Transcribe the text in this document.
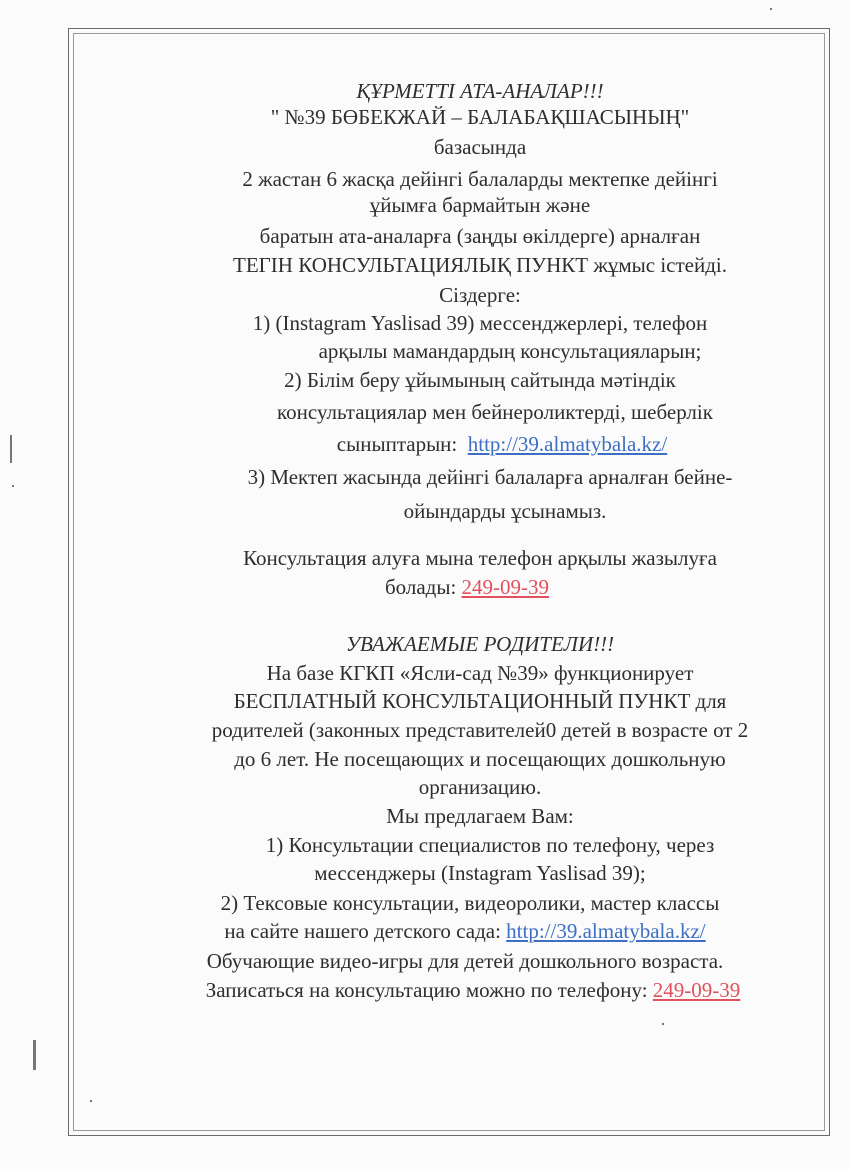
ҚҰРМЕТТІ АТА-АНАЛАР!!!
" №39 БӨБЕКЖАЙ – БАЛАБАҚШАСЫНЫҢ"
базасында
2 жастан 6 жасқа дейінгі балаларды мектепке дейінгі
ұйымға бармайтын және
баратын ата-аналарға (заңды өкілдерге) арналған
ТЕГІН КОНСУЛЬТАЦИЯЛЫҚ ПУНКТ жұмыс істейді.
Сіздерге:
1) (Instagram Yaslisad 39) мессенджерлері, телефон
арқылы мамандардың консультацияларын;
2) Білім беру ұйымының сайтында мәтіндік
консультациялар мен бейнероликтерді, шеберлік
сыныптарын: http://39.almatybala.kz/
3) Мектеп жасында дейінгі балаларға арналған бейне-
ойындарды ұсынамыз.
Консультация алуға мына телефон арқылы жазылуға
болады: 249-09-39
УВАЖАЕМЫЕ РОДИТЕЛИ!!!
На базе КГКП «Ясли-сад №39» функционирует
БЕСПЛАТНЫЙ КОНСУЛЬТАЦИОННЫЙ ПУНКТ для
родителей (законных представителей0 детей в возрасте от 2
до 6 лет. Не посещающих и посещающих дошкольную
организацию.
Мы предлагаем Вам:
1) Консультации специалистов по телефону, через
мессенджеры (Instagram Yaslisad 39);
2) Тексовые консультации, видеоролики, мастер классы
на сайте нашего детского сада: http://39.almatybala.kz/
Обучающие видео-игры для детей дошкольного возраста.
Записаться на консультацию можно по телефону: 249-09-39
